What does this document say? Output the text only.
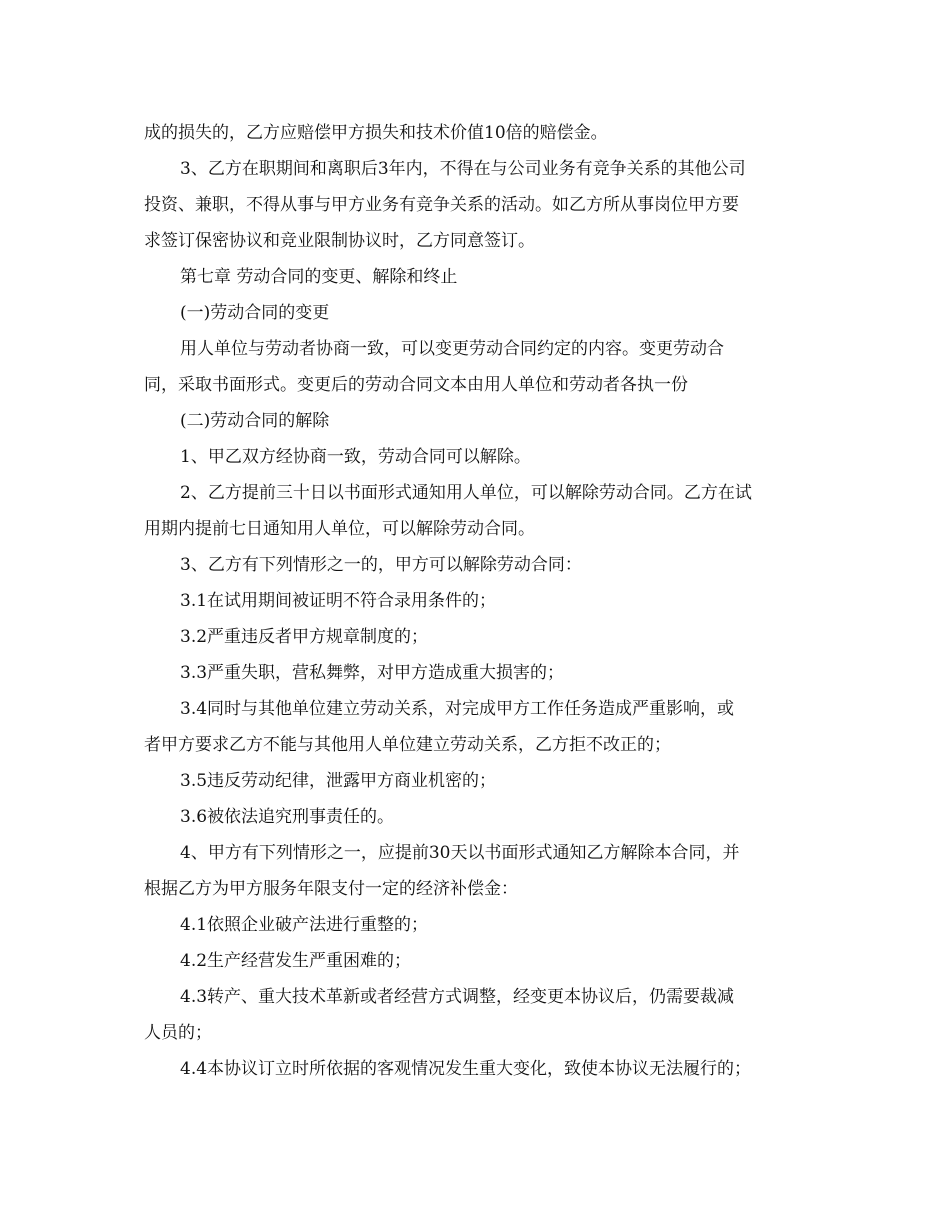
成的损失的，乙方应赔偿甲方损失和技术价值10倍的赔偿金。
3、乙方在职期间和离职后3年内，不得在与公司业务有竞争关系的其他公司
投资、兼职，不得从事与甲方业务有竞争关系的活动。如乙方所从事岗位甲方要
求签订保密协议和竞业限制协议时，乙方同意签订。
第七章 劳动合同的变更、解除和终止
(一)劳动合同的变更
用人单位与劳动者协商一致，可以变更劳动合同约定的内容。变更劳动合
同，采取书面形式。变更后的劳动合同文本由用人单位和劳动者各执一份
(二)劳动合同的解除
1、甲乙双方经协商一致，劳动合同可以解除。
2、乙方提前三十日以书面形式通知用人单位，可以解除劳动合同。乙方在试
用期内提前七日通知用人单位，可以解除劳动合同。
3、乙方有下列情形之一的，甲方可以解除劳动合同：
3.1在试用期间被证明不符合录用条件的；
3.2严重违反者甲方规章制度的；
3.3严重失职，营私舞弊，对甲方造成重大损害的；
3.4同时与其他单位建立劳动关系，对完成甲方工作任务造成严重影响，或
者甲方要求乙方不能与其他用人单位建立劳动关系，乙方拒不改正的；
3.5违反劳动纪律，泄露甲方商业机密的；
3.6被依法追究刑事责任的。
4、甲方有下列情形之一，应提前30天以书面形式通知乙方解除本合同，并
根据乙方为甲方服务年限支付一定的经济补偿金：
4.1依照企业破产法进行重整的；
4.2生产经营发生严重困难的；
4.3转产、重大技术革新或者经营方式调整，经变更本协议后，仍需要裁减
人员的；
4.4本协议订立时所依据的客观情况发生重大变化，致使本协议无法履行的；
